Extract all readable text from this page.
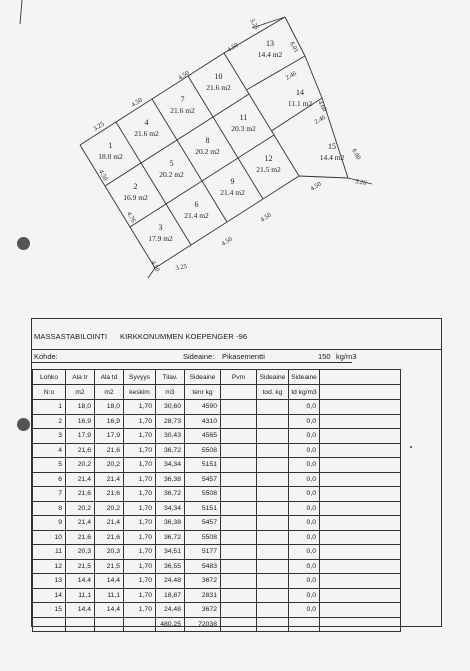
1
18.0 m2
2
16.9 m2
3
17.9 m2
4
21.6 m2
5
20.2 m2
6
21.4 m2
7
21.6 m2
8
20.2 m2
9
21.4 m2
10
21.6 m2
11
20.3 m2
12
21.5 m2
13
14.4 m2
14
11.1 m2
15
14.4 m2
3.25
4.50
4.50
4.50
3.25
6.01
2.46
4.60
2.46
6.00
3.26
4.50
4.50
4.50
3.25
4.50
4.76
4.50
MASSASTABILOINTI KIRKKONUMMEN KOEPENGER -96
Kohde:	Sideaine: Pikasementti	150 kg/m3
Lohko	Ala tr	Ala td	Syvyys	Tilav.	Sideaine	Pvm	Sideaine	Sideaine	
N:o	m2	m2	keskim	m3	tenr kg		tod. kg	td kg/m3	
1	18,0	18,0	1,70	30,60	4590			0,0	
2	16,9	16,9	1,70	28,73	4310			0,0	
3	17,9	17,9	1,70	30,43	4565			0,0	
4	21,6	21,6	1,70	36,72	5508			0,0	
5	20,2	20,2	1,70	34,34	5151			0,0	
6	21,4	21,4	1,70	36,38	5457			0,0	
7	21,6	21,6	1,70	36,72	5508			0,0	
8	20,2	20,2	1,70	34,34	5151			0,0	
9	21,4	21,4	1,70	36,38	5457			0,0	
10	21,6	21,6	1,70	36,72	5508			0,0	
11	20,3	20,3	1,70	34,51	5177			0,0	
12	21,5	21,5	1,70	36,55	5483			0,0	
13	14,4	14,4	1,70	24,48	3672			0,0	
14	11,1	11,1	1,70	18,87	2831			0,0	
15	14,4	14,4	1,70	24,48	3672			0,0	
				480,25	72038				
